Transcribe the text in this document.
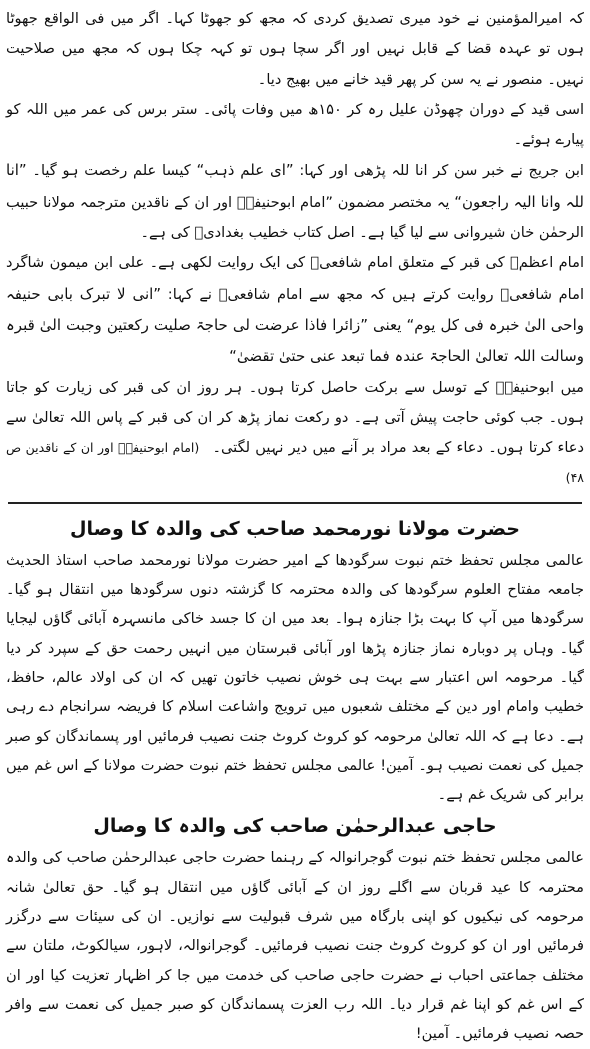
کہ امیرالمؤمنین نے خود میری تصدیق کردی کہ مجھ کو جھوٹا کہا۔ اگر میں فی الواقع جھوٹا ہوں تو عہدہ قضا کے قابل نہیں اور اگر سچا ہوں تو کہہ چکا ہوں کہ مجھ میں صلاحیت نہیں۔ منصور نے یہ سن کر پھر قید خانے میں بھیج دیا۔

اسی قید کے دوران چھوڈن علیل رہ کر ۱۵۰ھ میں وفات پائی۔ ستر برس کی عمر میں اللہ کو پیارے ہوئے۔

ابن جریج نے خبر سن کر انا للہ پڑھی اور کہا: ”ای علم ذہب“ کیسا علم رخصت ہو گیا۔ ”انا للہ وانا الیہ راجعون“ یہ مختصر مضمون ”امام ابوحنیفہؒ اور ان کے ناقدین مترجمہ مولانا حبیب الرحمٰن خان شیروانی سے لیا گیا ہے۔ اصل کتاب خطیب بغدادیؒ کی ہے۔

امام اعظمؒ کی قبر کے متعلق امام شافعیؒ کی ایک روایت لکھی ہے۔ علی ابن میمون شاگرد امام شافعیؒ روایت کرتے ہیں کہ مجھ سے امام شافعیؒ نے کہا: ”انی لا تبرک بابی حنیفہ واحی الیٰ خبرہ فی کل یوم“ یعنی ”زائرا فاذا عرضت لی حاجۃ صلیت رکعتین وجبت الیٰ قبرہ وسالت اللہ تعالیٰ الحاجۃ عندہ فما تبعد عنی حتیٰ تقضیٰ“

میں ابوحنیفہؒ کے توسل سے برکت حاصل کرتا ہوں۔ ہر روز ان کی قبر کی زیارت کو جاتا ہوں۔ جب کوئی حاجت پیش آتی ہے۔ دو رکعت نماز پڑھ کر ان کی قبر کے پاس اللہ تعالیٰ سے دعاء کرتا ہوں۔ دعاء کے بعد مراد بر آنے میں دیر نہیں لگتی۔ (امام ابوحنیفہؒ اور ان کے ناقدین ص ۴۸)

حضرت مولانا نورمحمد صاحب کی والدہ کا وصال

عالمی مجلس تحفظ ختم نبوت سرگودھا کے امیر حضرت مولانا نورمحمد صاحب استاذ الحدیث جامعہ مفتاح العلوم سرگودھا کی والدہ محترمہ کا گزشتہ دنوں سرگودھا میں انتقال ہو گیا۔ سرگودھا میں آپ کا بہت بڑا جنازہ ہوا۔ بعد میں ان کا جسد خاکی مانسہرہ آبائی گاؤں لیجایا گیا۔ وہاں پر دوبارہ نماز جنازہ پڑھا اور آبائی قبرستان میں انہیں رحمت حق کے سپرد کر دیا گیا۔ مرحومہ اس اعتبار سے بہت ہی خوش نصیب خاتون تھیں کہ ان کی اولاد عالم، حافظ، خطیب وامام اور دین کے مختلف شعبوں میں ترویج واشاعت اسلام کا فریضہ سرانجام دے رہی ہے۔ دعا ہے کہ اللہ تعالیٰ مرحومہ کو کروٹ کروٹ جنت نصیب فرمائیں اور پسماندگان کو صبر جمیل کی نعمت نصیب ہو۔ آمین! عالمی مجلس تحفظ ختم نبوت حضرت مولانا کے اس غم میں برابر کی شریک غم ہے۔

حاجی عبدالرحمٰن صاحب کی والدہ کا وصال

عالمی مجلس تحفظ ختم نبوت گوجرانوالہ کے رہنما حضرت حاجی عبدالرحمٰن صاحب کی والدہ محترمہ کا عید قربان سے اگلے روز ان کے آبائی گاؤں میں انتقال ہو گیا۔ حق تعالیٰ شانہ مرحومہ کی نیکیوں کو اپنی بارگاہ میں شرف قبولیت سے نوازیں۔ ان کی سیئات سے درگزر فرمائیں اور ان کو کروٹ کروٹ جنت نصیب فرمائیں۔ گوجرانوالہ، لاہور، سیالکوٹ، ملتان سے مختلف جماعتی احباب نے حضرت حاجی صاحب کی خدمت میں جا کر اظہار تعزیت کیا اور ان کے اس غم کو اپنا غم قرار دیا۔ اللہ رب العزت پسماندگان کو صبر جمیل کی نعمت سے وافر حصہ نصیب فرمائیں۔ آمین!
